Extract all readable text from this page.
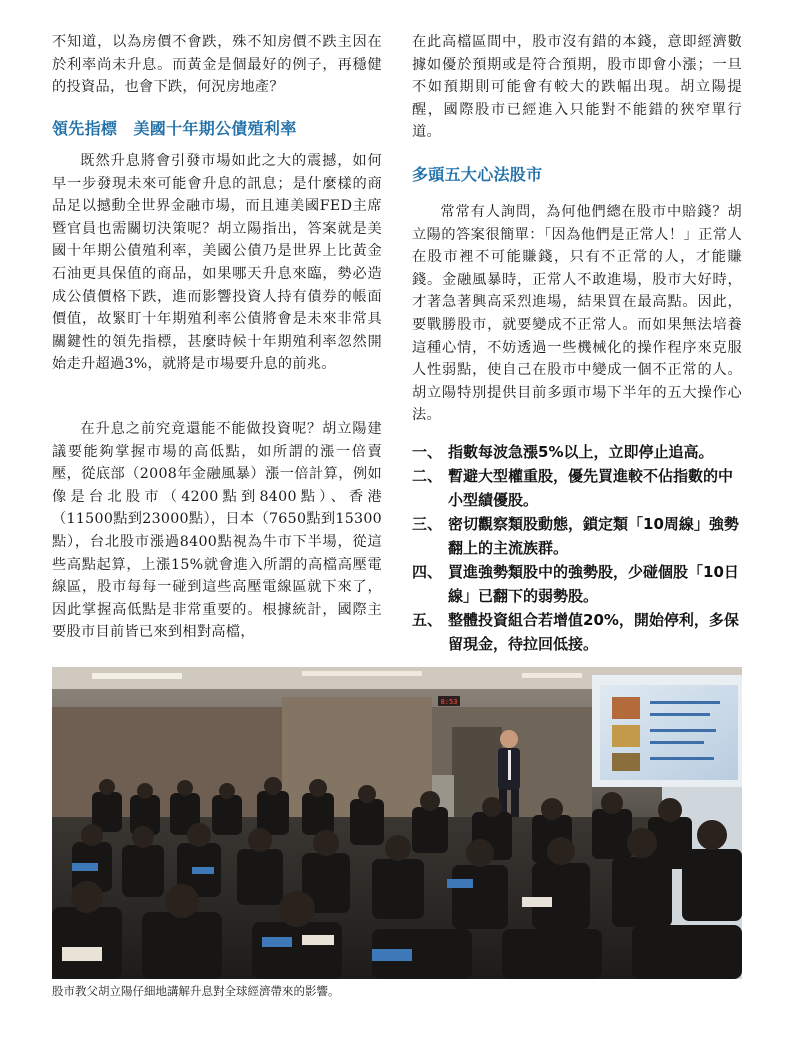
不知道，以為房價不會跌，殊不知房價不跌主因在於利率尚未升息。而黃金是個最好的例子，再穩健的投資品，也會下跌，何況房地產？

領先指標　美國十年期公債殖利率

既然升息將會引發市場如此之大的震撼，如何早一步發現未來可能會升息的訊息；是什麼樣的商品足以撼動全世界金融市場，而且連美國FED主席暨官員也需關切決策呢？胡立陽指出，答案就是美國十年期公債殖利率，美國公債乃是世界上比黃金石油更具保值的商品，如果哪天升息來臨，勢必造成公債價格下跌，進而影響投資人持有債券的帳面價值，故緊盯十年期殖利率公債將會是未來非常具關鍵性的領先指標，甚麼時候十年期殖利率忽然開始走升超過3%，就將是市場要升息的前兆。

在升息之前究竟還能不能做投資呢？胡立陽建議要能夠掌握市場的高低點，如所謂的漲一倍賣壓，從底部（2008年金融風暴）漲一倍計算，例如像是台北股市（4200點到8400點）、香港（11500點到23000點），日本（7650點到15300點），台北股市漲過8400點視為牛市下半場，從這些高點起算，上漲15%就會進入所謂的高檔高壓電線區，股市每每一碰到這些高壓電線區就下來了，因此掌握高低點是非常重要的。根據統計，國際主要股市目前皆已來到相對高檔，

在此高檔區間中，股市沒有錯的本錢，意即經濟數據如優於預期或是符合預期，股市即會小漲；一旦不如預期則可能會有較大的跌幅出現。胡立陽提醒，國際股市已經進入只能對不能錯的狹窄單行道。

多頭五大心法股市

常常有人詢問，為何他們總在股市中賠錢？胡立陽的答案很簡單：「因為他們是正常人！」正常人在股市裡不可能賺錢，只有不正常的人，才能賺錢。金融風暴時，正常人不敢進場，股市大好時，才著急著興高采烈進場，結果買在最高點。因此，要戰勝股市，就要變成不正常人。而如果無法培養這種心情，不妨透過一些機械化的操作程序來克服人性弱點，使自己在股市中變成一個不正常的人。胡立陽特別提供目前多頭市場下半年的五大操作心法。

一、 指數每波急漲5%以上，立即停止追高。
二、 暫避大型權重股，優先買進較不佔指數的中小型績優股。
三、 密切觀察類股動態，鎖定類「10周線」強勢翻上的主流族群。
四、 買進強勢類股中的強勢股，少碰個股「10日線」已翻下的弱勢股。
五、 整體投資組合若增值20%，開始停利，多保留現金，待拉回低接。
8:53

股市教父胡立陽仔細地講解升息對全球經濟帶來的影響。
